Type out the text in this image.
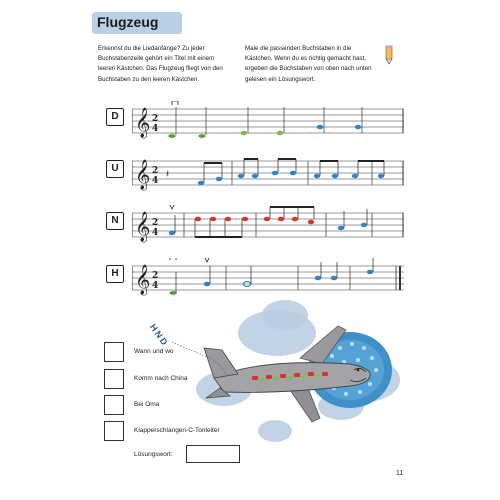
Flugzeug
Erkennst du die Liedanfänge? Zu jeder Buchstabenzeile gehört ein Titel mit einem leeren Kästchen. Das Flugzeug fliegt von den Buchstaben zu den leeren Kästchen.
Male die passenden Buchstaben in die Kästchen. Wenn du es richtig gemacht hast, ergeben die Buchstaben von oben nach unten gelesen ein Lösungswort.
D 𝄞 2
4
U 𝄞 2
4
𝄽
N 𝄞 2
4
H 𝄞 2
4
HND
Wann und wo
Komm nach China
Bei Oma
Klapperschlangen-C-Tonleiter
Lösungswort:
11
